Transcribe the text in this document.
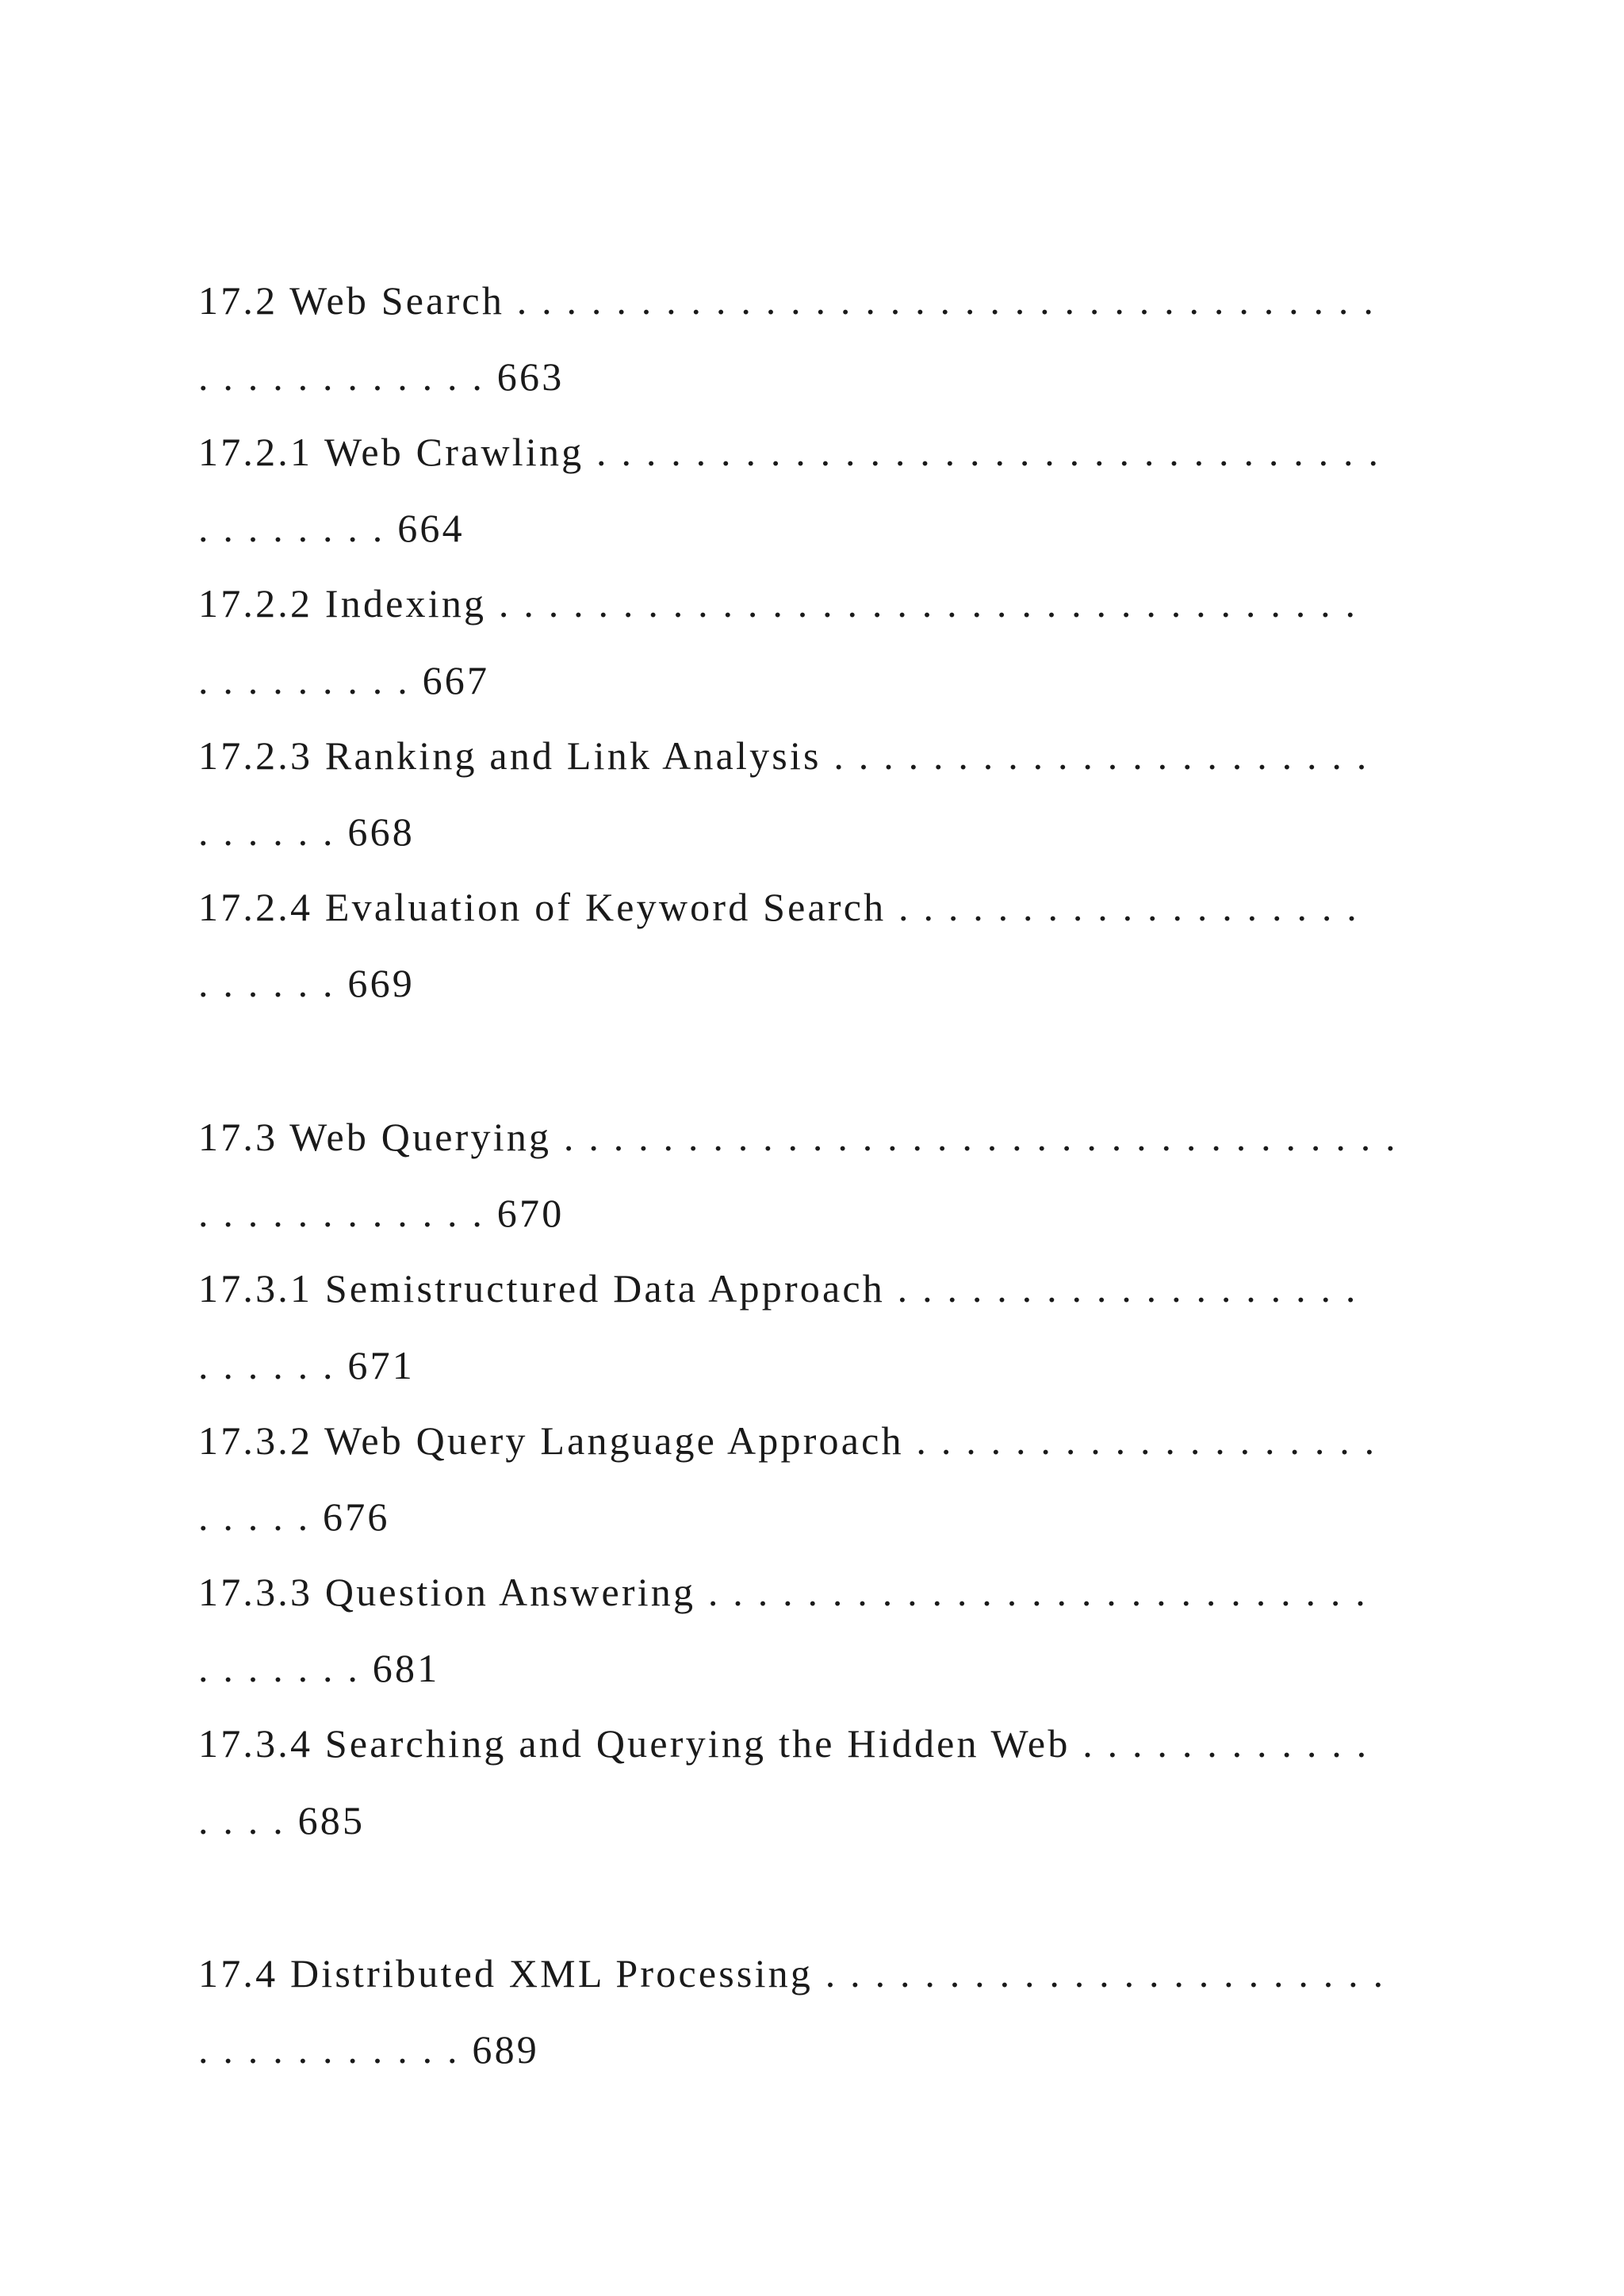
17.2 Web Search . . . . . . . . . . . . . . . . . . . . . . . . . . . . . . . . . . .
. . . . . . . . . . . . 663
17.2.1 Web Crawling . . . . . . . . . . . . . . . . . . . . . . . . . . . . . . . .
. . . . . . . . 664
17.2.2 Indexing . . . . . . . . . . . . . . . . . . . . . . . . . . . . . . . . . . .
. . . . . . . . . 667
17.2.3 Ranking and Link Analysis . . . . . . . . . . . . . . . . . . . . . .
. . . . . . 668
17.2.4 Evaluation of Keyword Search . . . . . . . . . . . . . . . . . . .
. . . . . . 669
17.3 Web Querying . . . . . . . . . . . . . . . . . . . . . . . . . . . . . . . . . .
. . . . . . . . . . . . 670
17.3.1 Semistructured Data Approach . . . . . . . . . . . . . . . . . . .
. . . . . . 671
17.3.2 Web Query Language Approach . . . . . . . . . . . . . . . . . . .
. . . . . 676
17.3.3 Question Answering . . . . . . . . . . . . . . . . . . . . . . . . . . .
. . . . . . . 681
17.3.4 Searching and Querying the Hidden Web . . . . . . . . . . . .
. . . . 685
17.4 Distributed XML Processing . . . . . . . . . . . . . . . . . . . . . . .
. . . . . . . . . . . 689
